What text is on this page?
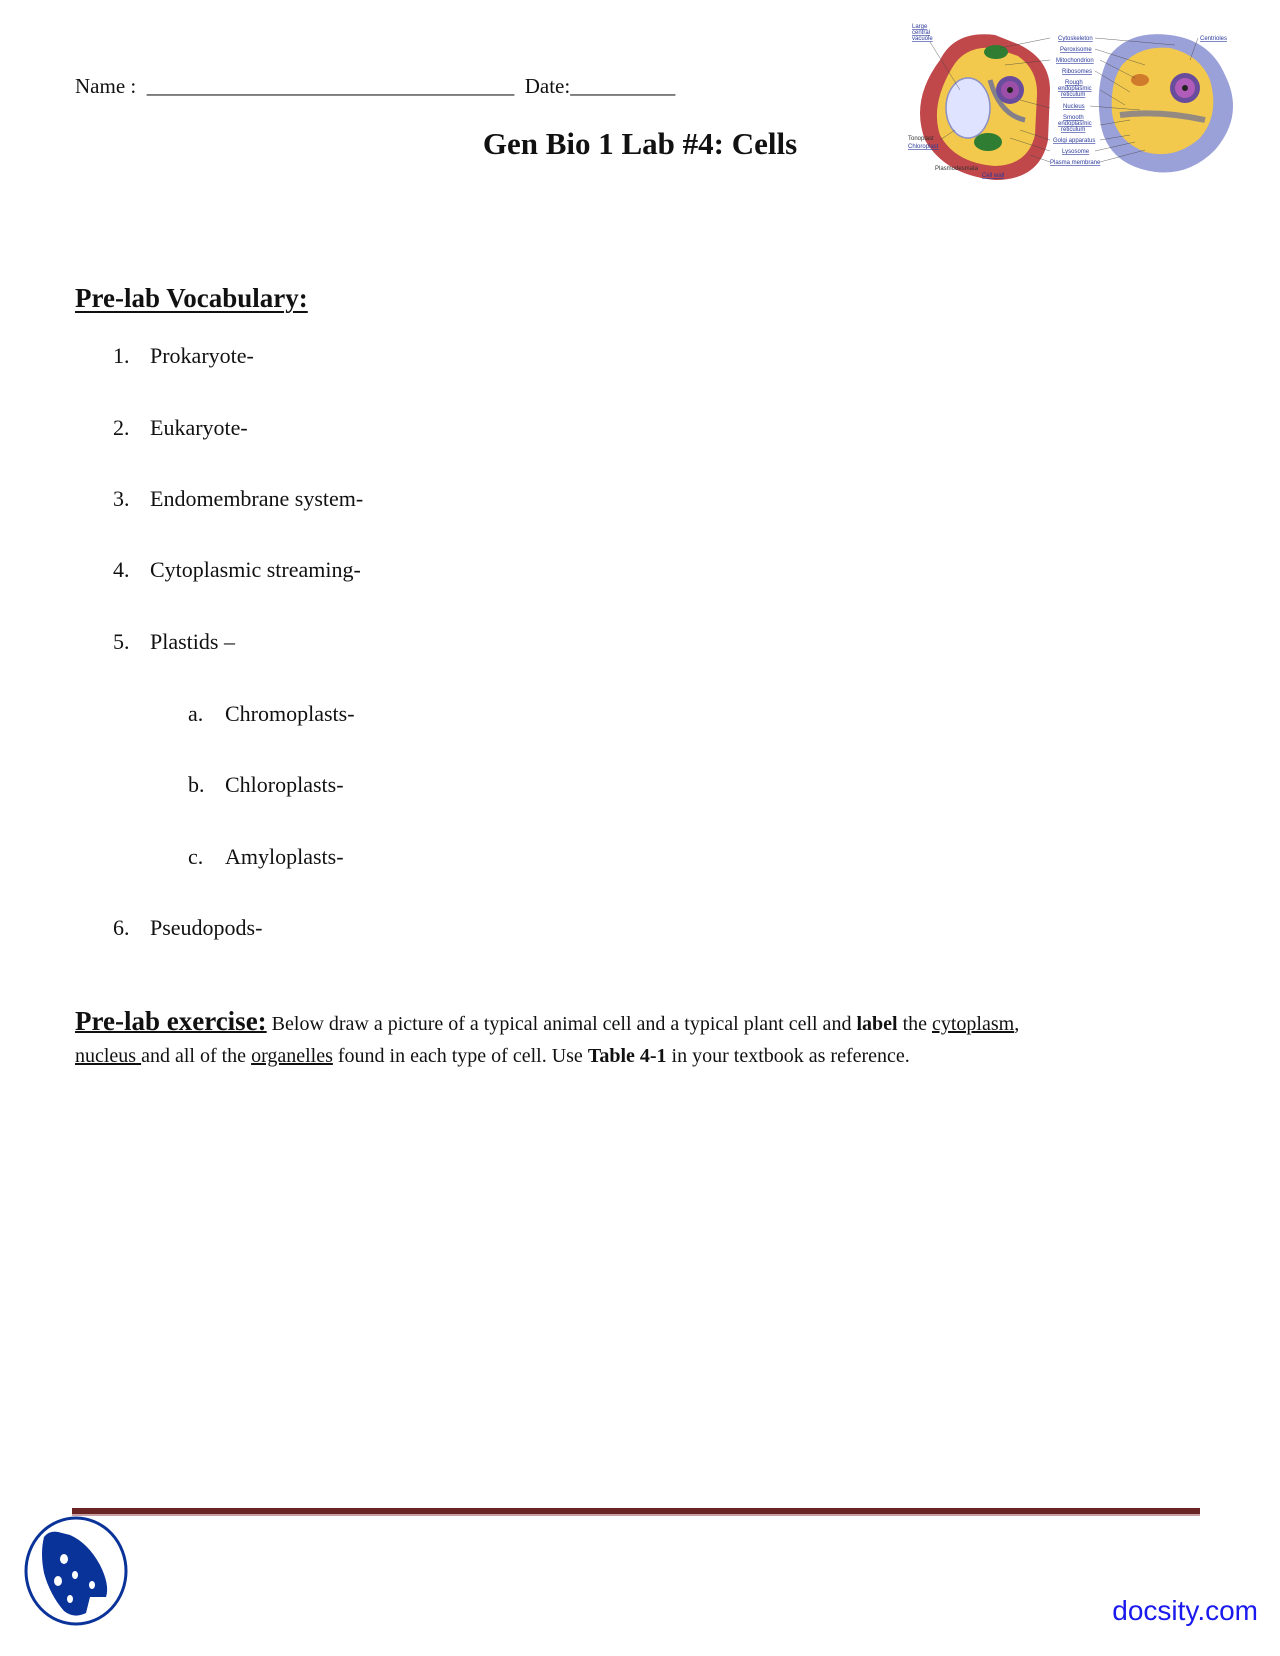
Name : ___________________________________ Date:__________
Gen Bio 1 Lab #4: Cells
Large
central
vacuole
Tonoplast
Chloroplast
Plasmodesmata
Cell wall
Cytoskeleton
Peroxisome
Mitochondrion
Ribosomes
Rough
endoplasmic
reticulum
Nucleus
Smooth
endoplasmic
reticulum
Golgi apparatus
Lysosome
Plasma membrane
Centrioles
Pre-lab Vocabulary:
1. Prokaryote-
2. Eukaryote-
3. Endomembrane system-
4. Cytoplasmic streaming-
5. Plastids –
a. Chromoplasts-
b. Chloroplasts-
c. Amyloplasts-
6. Pseudopods-
Pre-lab exercise: Below draw a picture of a typical animal cell and a typical plant cell and label the cytoplasm,
nucleus and all of the organelles found in each type of cell. Use Table 4-1 in your textbook as reference.
docsity.com
